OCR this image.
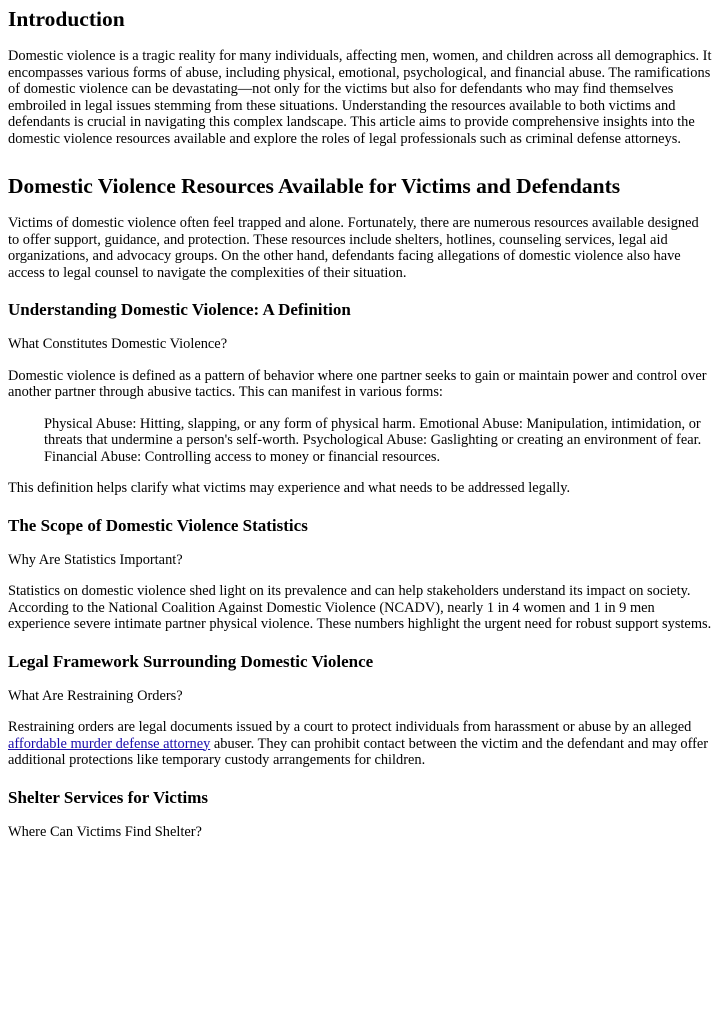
Introduction

Domestic violence is a tragic reality for many individuals, affecting men, women, and children across all demographics. It encompasses various forms of abuse, including physical, emotional, psychological, and financial abuse. The ramifications of domestic violence can be devastating—not only for the victims but also for defendants who may find themselves embroiled in legal issues stemming from these situations. Understanding the resources available to both victims and defendants is crucial in navigating this complex landscape. This article aims to provide comprehensive insights into the domestic violence resources available and explore the roles of legal professionals such as criminal defense attorneys.

Domestic Violence Resources Available for Victims and Defendants

Victims of domestic violence often feel trapped and alone. Fortunately, there are numerous resources available designed to offer support, guidance, and protection. These resources include shelters, hotlines, counseling services, legal aid organizations, and advocacy groups. On the other hand, defendants facing allegations of domestic violence also have access to legal counsel to navigate the complexities of their situation.

Understanding Domestic Violence: A Definition

What Constitutes Domestic Violence?

Domestic violence is defined as a pattern of behavior where one partner seeks to gain or maintain power and control over another partner through abusive tactics. This can manifest in various forms:

Physical Abuse: Hitting, slapping, or any form of physical harm. Emotional Abuse: Manipulation, intimidation, or threats that undermine a person's self-worth. Psychological Abuse: Gaslighting or creating an environment of fear. Financial Abuse: Controlling access to money or financial resources.

This definition helps clarify what victims may experience and what needs to be addressed legally.

The Scope of Domestic Violence Statistics

Why Are Statistics Important?

Statistics on domestic violence shed light on its prevalence and can help stakeholders understand its impact on society. According to the National Coalition Against Domestic Violence (NCADV), nearly 1 in 4 women and 1 in 9 men experience severe intimate partner physical violence. These numbers highlight the urgent need for robust support systems.

Legal Framework Surrounding Domestic Violence

What Are Restraining Orders?

Restraining orders are legal documents issued by a court to protect individuals from harassment or abuse by an alleged affordable murder defense attorney abuser. They can prohibit contact between the victim and the defendant and may offer additional protections like temporary custody arrangements for children.

Shelter Services for Victims

Where Can Victims Find Shelter?
